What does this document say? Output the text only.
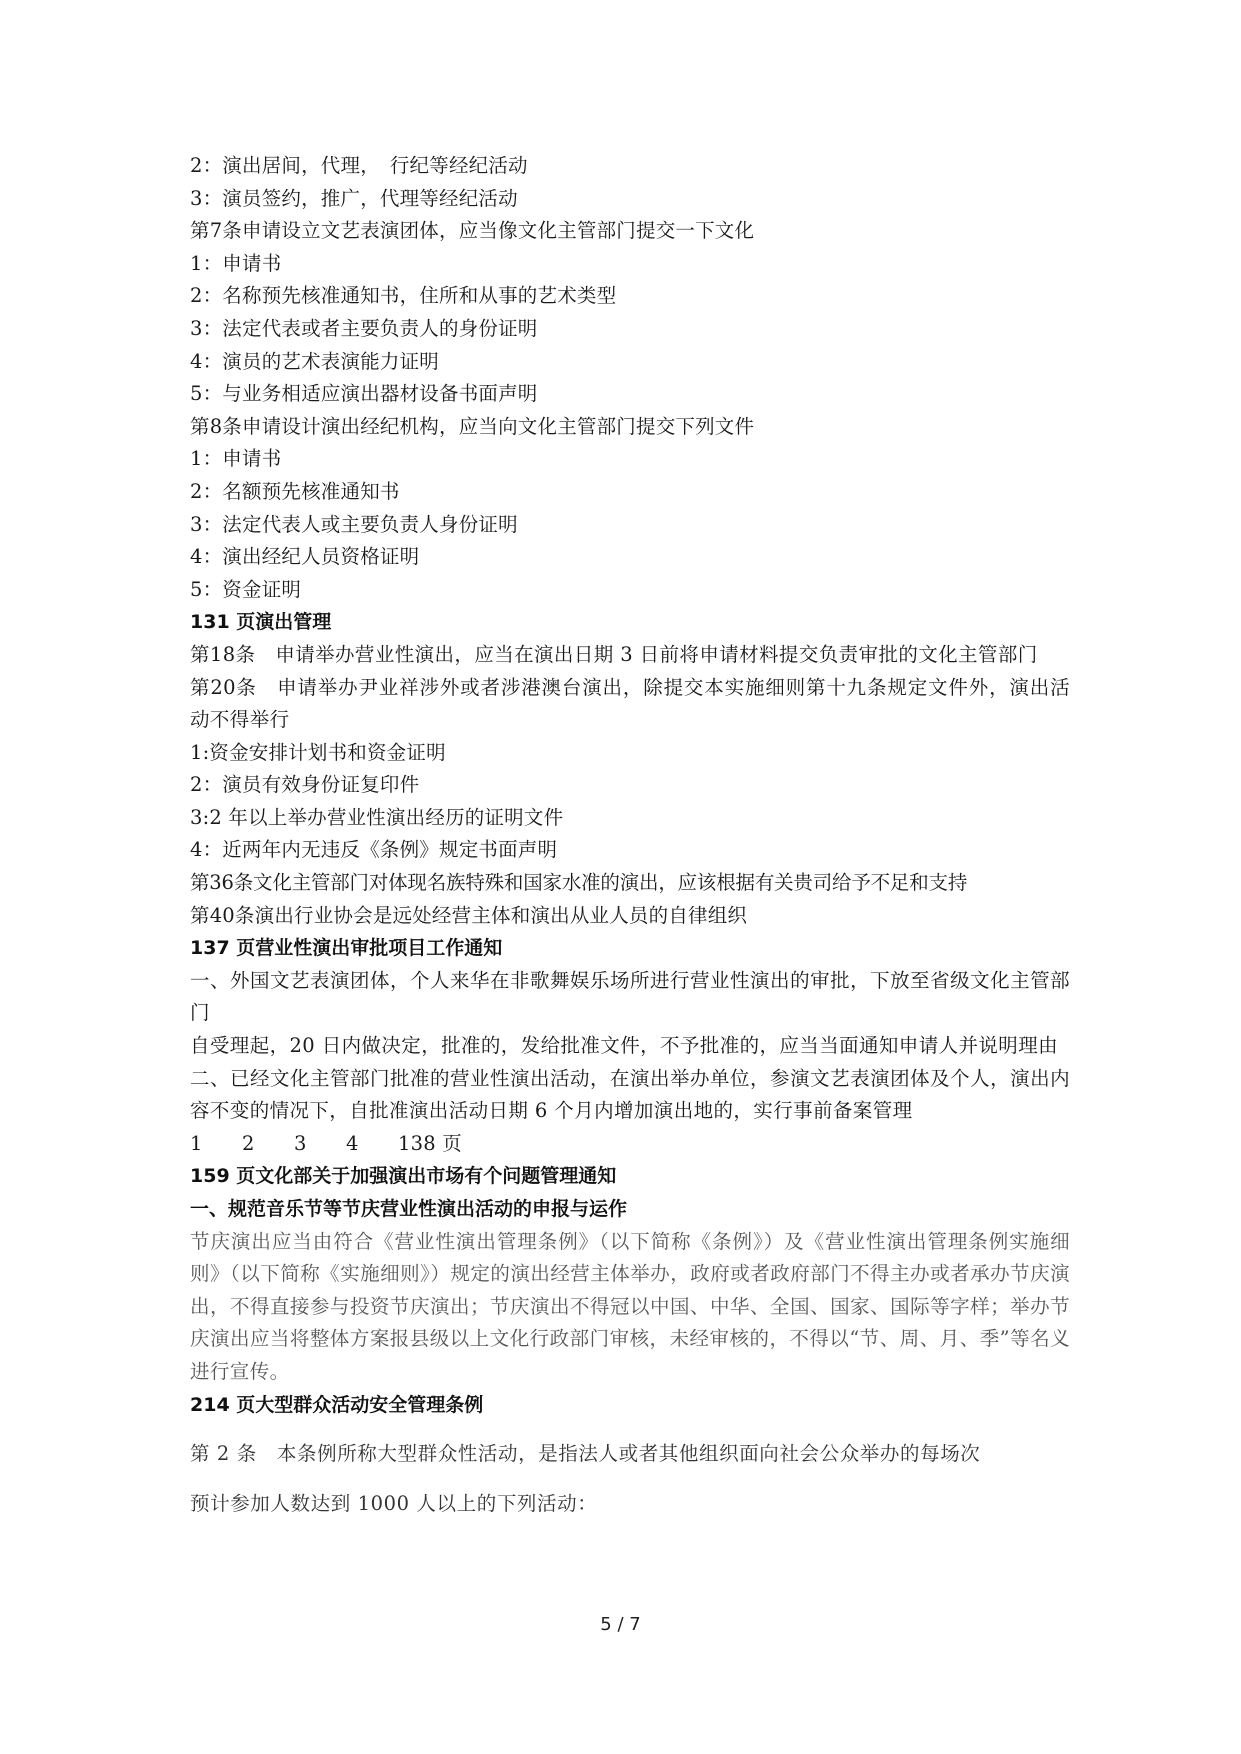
2：演出居间，代理，　行纪等经纪活动
3：演员签约，推广，代理等经纪活动
第7条申请设立文艺表演团体，应当像文化主管部门提交一下文化
1：申请书
2：名称预先核准通知书，住所和从事的艺术类型
3：法定代表或者主要负责人的身份证明
4：演员的艺术表演能力证明
5：与业务相适应演出器材设备书面声明
第8条申请设计演出经纪机构，应当向文化主管部门提交下列文件
1：申请书
2：名额预先核准通知书
3：法定代表人或主要负责人身份证明
4：演出经纪人员资格证明
5：资金证明
131 页演出管理
第18条　申请举办营业性演出，应当在演出日期 3 日前将申请材料提交负责审批的文化主管部门
第20条　申请举办尹业祥涉外或者涉港澳台演出，除提交本实施细则第十九条规定文件外，演出活动不得举行
1:资金安排计划书和资金证明
2：演员有效身份证复印件
3:2 年以上举办营业性演出经历的证明文件
4：近两年内无违反《条例》规定书面声明
第36条文化主管部门对体现名族特殊和国家水准的演出，应该根据有关贵司给予不足和支持
第40条演出行业协会是远处经营主体和演出从业人员的自律组织
137 页营业性演出审批项目工作通知
一、外国文艺表演团体，个人来华在非歌舞娱乐场所进行营业性演出的审批，下放至省级文化主管部门
自受理起，20 日内做决定，批准的，发给批准文件，不予批准的，应当当面通知申请人并说明理由
二、已经文化主管部门批准的营业性演出活动，在演出举办单位，参演文艺表演团体及个人，演出内容不变的情况下，自批准演出活动日期 6 个月内增加演出地的，实行事前备案管理
1　　2　　3　　4　　138 页
159 页文化部关于加强演出市场有个问题管理通知
一、规范音乐节等节庆营业性演出活动的申报与运作
节庆演出应当由符合《营业性演出管理条例》（以下简称《条例》）及《营业性演出管理条例实施细则》（以下简称《实施细则》）规定的演出经营主体举办，政府或者政府部门不得主办或者承办节庆演出，不得直接参与投资节庆演出；节庆演出不得冠以中国、中华、全国、国家、国际等字样；举办节庆演出应当将整体方案报县级以上文化行政部门审核，未经审核的，不得以“节、周、月、季”等名义进行宣传。
214 页大型群众活动安全管理条例
第 2 条　本条例所称大型群众性活动，是指法人或者其他组织面向社会公众举办的每场次
预计参加人数达到 1000 人以上的下列活动：
5 / 7
